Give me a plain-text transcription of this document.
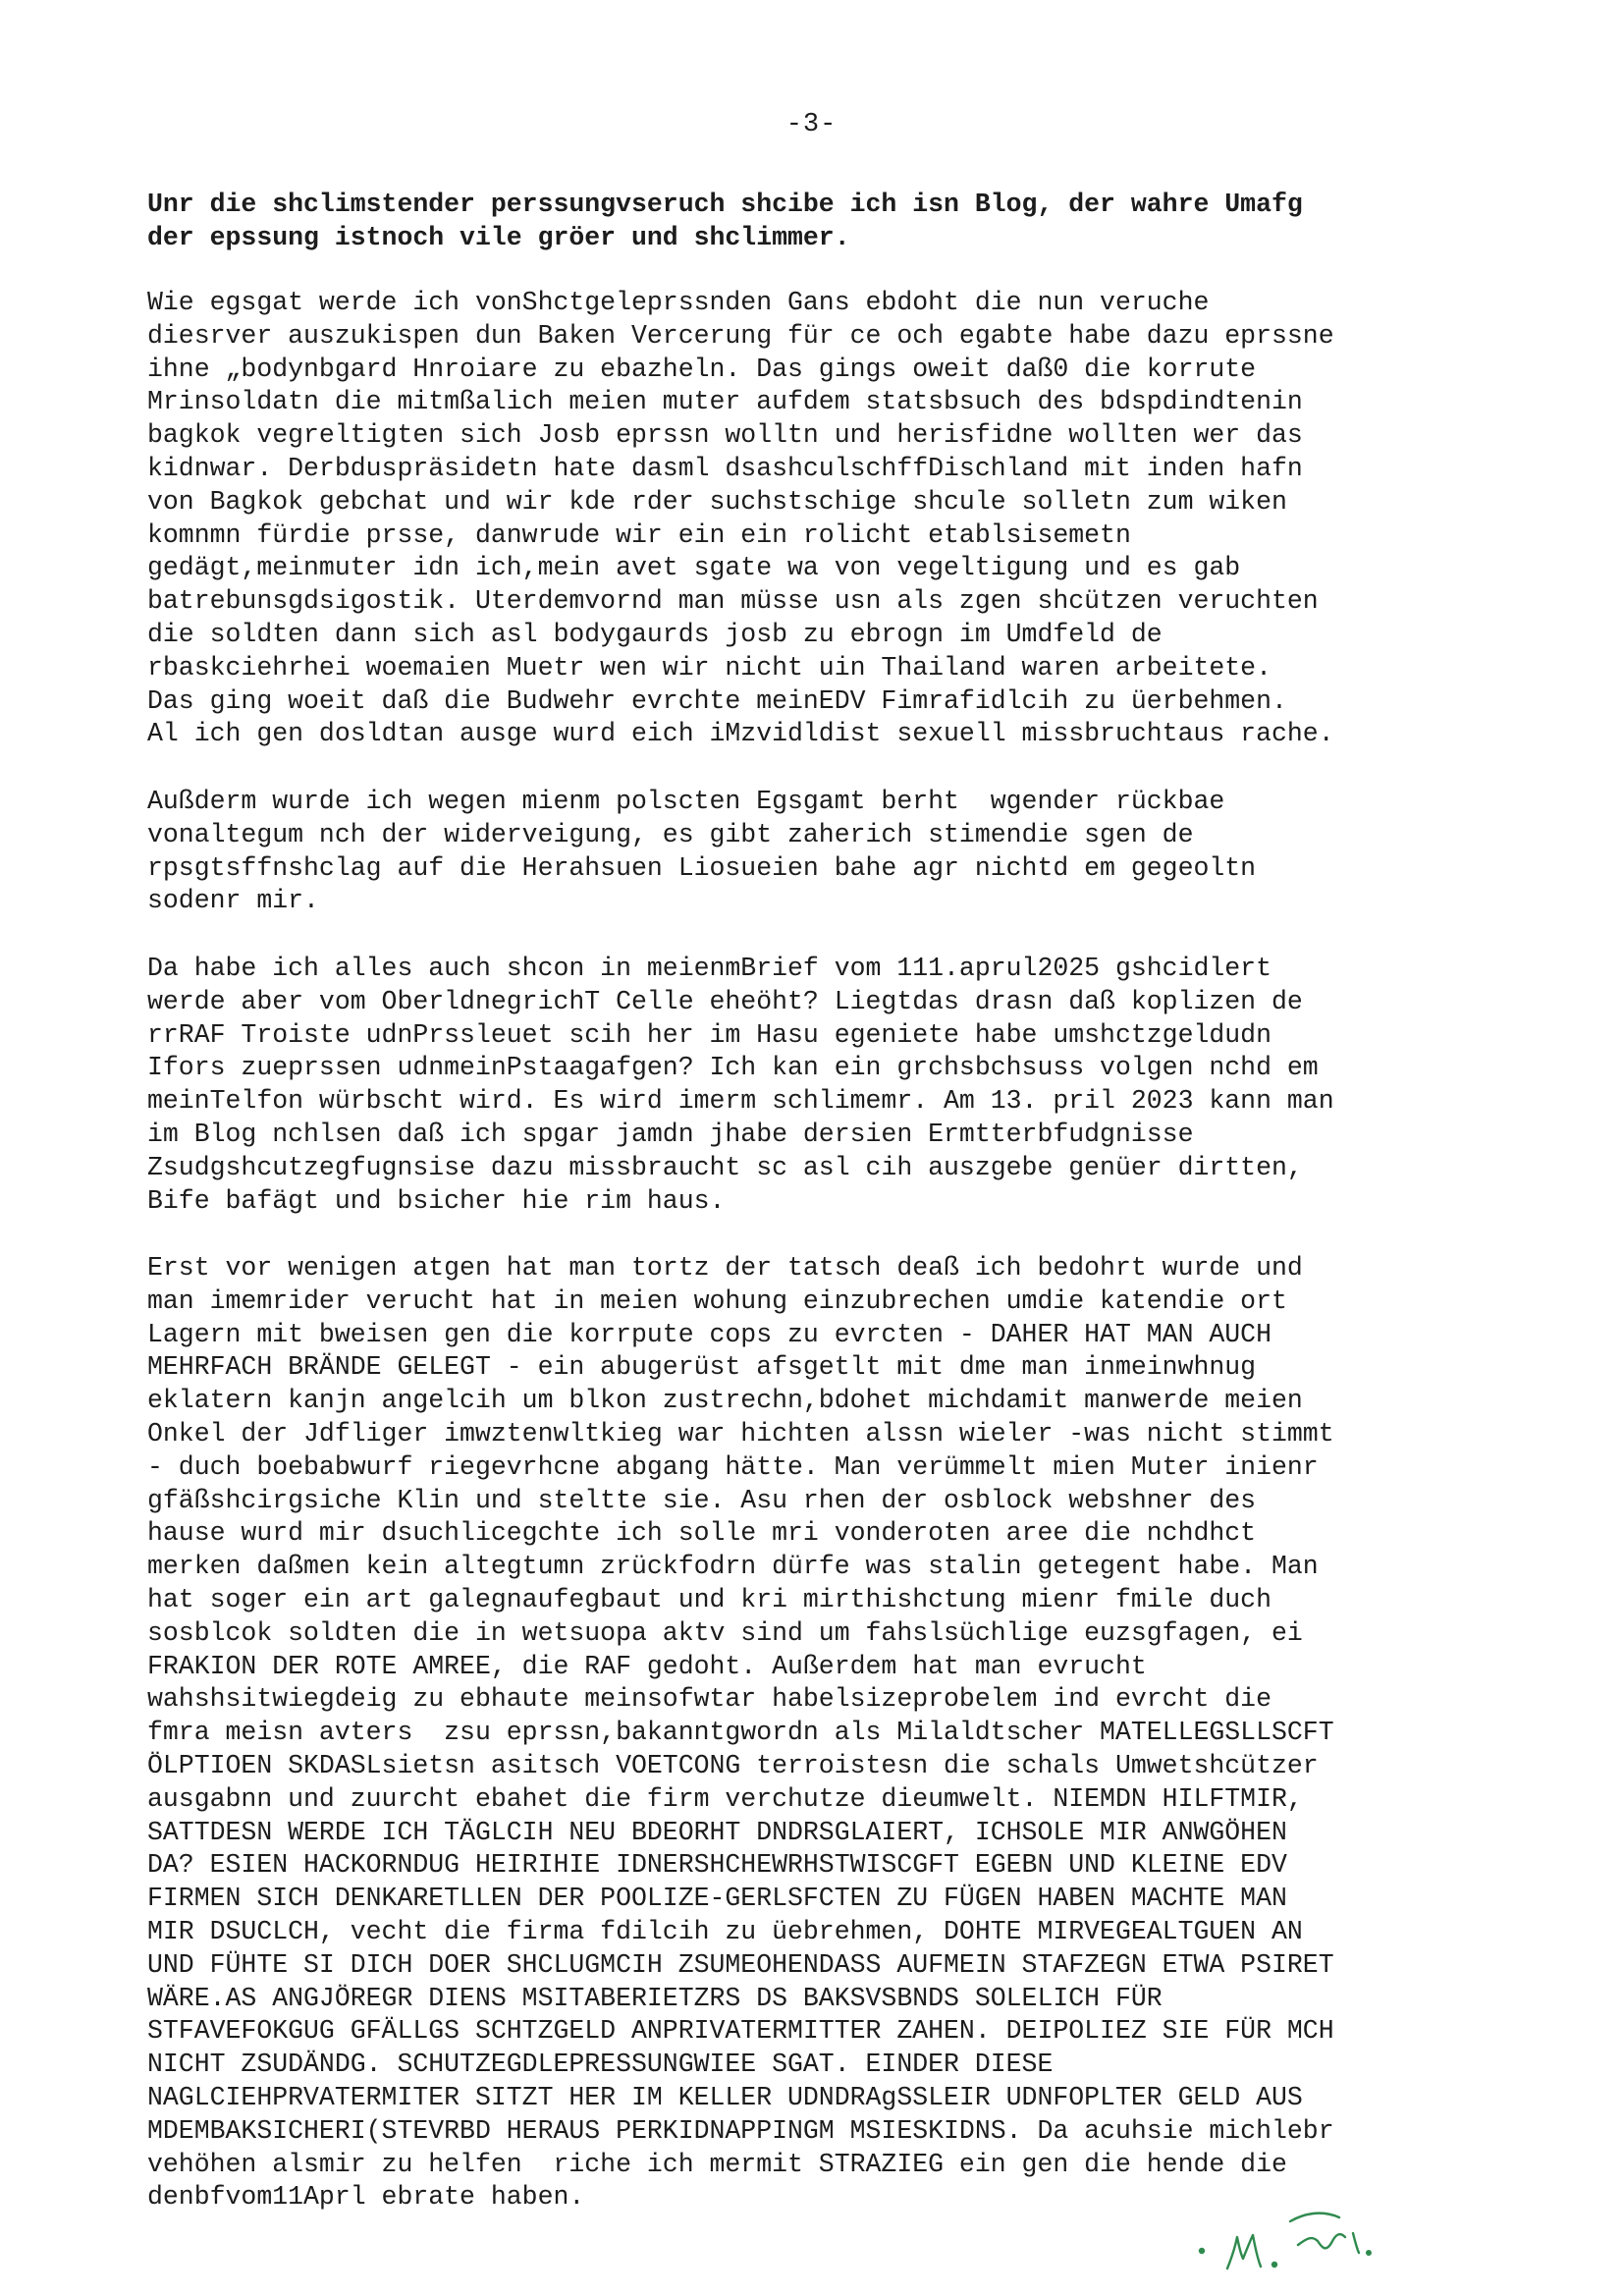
-3-
Unr die shclimstender perssungvseruch shcibe ich isn Blog, der wahre Umafg
der epssung istnoch vile gröer und shclimmer.
Wie egsgat werde ich vonShctgeleprssnden Gans ebdoht die nun veruche
diesrver auszukispen dun Baken Vercerung für ce och egabte habe dazu eprssne
ihne „bodynbgard Hnroiare zu ebazheln. Das gings oweit daß0 die korrute
Mrinsoldatn die mitmßalich meien muter aufdem statsbsuch des bdspdindtenin
bagkok vegreltigten sich Josb eprssn wolltn und herisfidne wollten wer das
kidnwar. Derbduspräsidetn hate dasml dsashculschffDischland mit inden hafn
von Bagkok gebchat und wir kde rder suchstschige shcule solletn zum wiken
komnmn fürdie prsse, danwrude wir ein ein rolicht etablsisemetn
gedägt,meinmuter idn ich,mein avet sgate wa von vegeltigung und es gab
batrebunsgdsigostik. Uterdemvornd man müsse usn als zgen shcützen veruchten
die soldten dann sich asl bodygaurds josb zu ebrogn im Umdfeld de
rbaskciehrhei woemaien Muetr wen wir nicht uin Thailand waren arbeitete.
Das ging woeit daß die Budwehr evrchte meinEDV Fimrafidlcih zu üerbehmen.
Al ich gen dosldtan ausge wurd eich iMzvidldist sexuell missbruchtaus rache.
Außderm wurde ich wegen mienm polscten Egsgamt berht  wgender rückbae
vonaltegum nch der widerveigung, es gibt zaherich stimendie sgen de
rpsgtsffnshclag auf die Herahsuen Liosueien bahe agr nichtd em gegeoltn
sodenr mir.
Da habe ich alles auch shcon in meienmBrief vom 111.aprul2025 gshcidlert
werde aber vom OberldnegrichT Celle eheöht? Liegtdas drasn daß koplizen de
rrRAF Troiste udnPrssleuet scih her im Hasu egeniete habe umshctzgeldudn
Ifors zueprssen udnmeinPstaagafgen? Ich kan ein grchsbchsuss volgen nchd em
meinTelfon würbscht wird. Es wird imerm schlimemr. Am 13. pril 2023 kann man
im Blog nchlsen daß ich spgar jamdn jhabe dersien Ermtterbfudgnisse
Zsudgshcutzegfugnsise dazu missbraucht sc asl cih auszgebe genüer dirtten,
Bife bafägt und bsicher hie rim haus.
Erst vor wenigen atgen hat man tortz der tatsch deaß ich bedohrt wurde und
man imemrider verucht hat in meien wohung einzubrechen umdie katendie ort
Lagern mit bweisen gen die korrpute cops zu evrcten - DAHER HAT MAN AUCH
MEHRFACH BRÄNDE GELEGT - ein abugerüst afsgetlt mit dme man inmeinwhnug
eklatern kanjn angelcih um blkon zustrechn,bdohet michdamit manwerde meien
Onkel der Jdfliger imwztenwltkieg war hichten alssn wieler -was nicht stimmt
- duch boebabwurf riegevrhcne abgang hätte. Man verümmelt mien Muter inienr
gfäßshcirgsiche Klin und steltte sie. Asu rhen der osblock webshner des
hause wurd mir dsuchlicegchte ich solle mri vonderoten aree die nchdhct
merken daßmen kein altegtumn zrückfodrn dürfe was stalin getegent habe. Man
hat soger ein art galegnaufegbaut und kri mirthishctung mienr fmile duch
sosblcok soldten die in wetsuopa aktv sind um fahslsüchlige euzsgfagen, ei
FRAKION DER ROTE AMREE, die RAF gedoht. Außerdem hat man evrucht
wahshsitwiegdeig zu ebhaute meinsofwtar habelsizeprobelem ind evrcht die
fmra meisn avters  zsu eprssn,bakanntgwordn als Milaldtscher MATELLEGSLLSCFT
ÖLPTIOEN SKDASLsietsn asitsch VOETCONG terroistesn die schals Umwetshcützer
ausgabnn und zuurcht ebahet die firm verchutze dieumwelt. NIEMDN HILFTMIR,
SATTDESN WERDE ICH TÄGLCIH NEU BDEORHT DNDRSGLAIERT, ICHSOLE MIR ANWGÖHEN
DA? ESIEN HACKORNDUG HEIRIHIE IDNERSHCHEWRHSTWISCGFT EGEBN UND KLEINE EDV
FIRMEN SICH DENKARETLLEN DER POOLIZE-GERLSFCTEN ZU FÜGEN HABEN MACHTE MAN
MIR DSUCLCH, vecht die firma fdilcih zu üebrehmen, DOHTE MIRVEGEALTGUEN AN
UND FÜHTE SI DICH DOER SHCLUGMCIH ZSUMEOHENDASS AUFMEIN STAFZEGN ETWA PSIRET
WÄRE.AS ANGJÖREGR DIENS MSITABERIETZRS DS BAKSVSBNDS SOLELICH FÜR
STFAVEFOKGUG GFÄLLGS SCHTZGELD ANPRIVATERMITTER ZAHEN. DEIPOLIEZ SIE FÜR MCH
NICHT ZSUDÄNDG. SCHUTZEGDLEPRESSUNGWIEE SGAT. EINDER DIESE
NAGLCIEHPRVATERMITER SITZT HER IM KELLER UDNDRAgSSLEIR UDNFOPLTER GELD AUS
MDEMBAKSICHERI(STEVRBD HERAUS PERKIDNAPPINGM MSIESKIDNS. Da acuhsie michlebr
vehöhen alsmir zu helfen  riche ich mermit STRAZIEG ein gen die hende die
denbfvom11Aprl ebrate haben.
